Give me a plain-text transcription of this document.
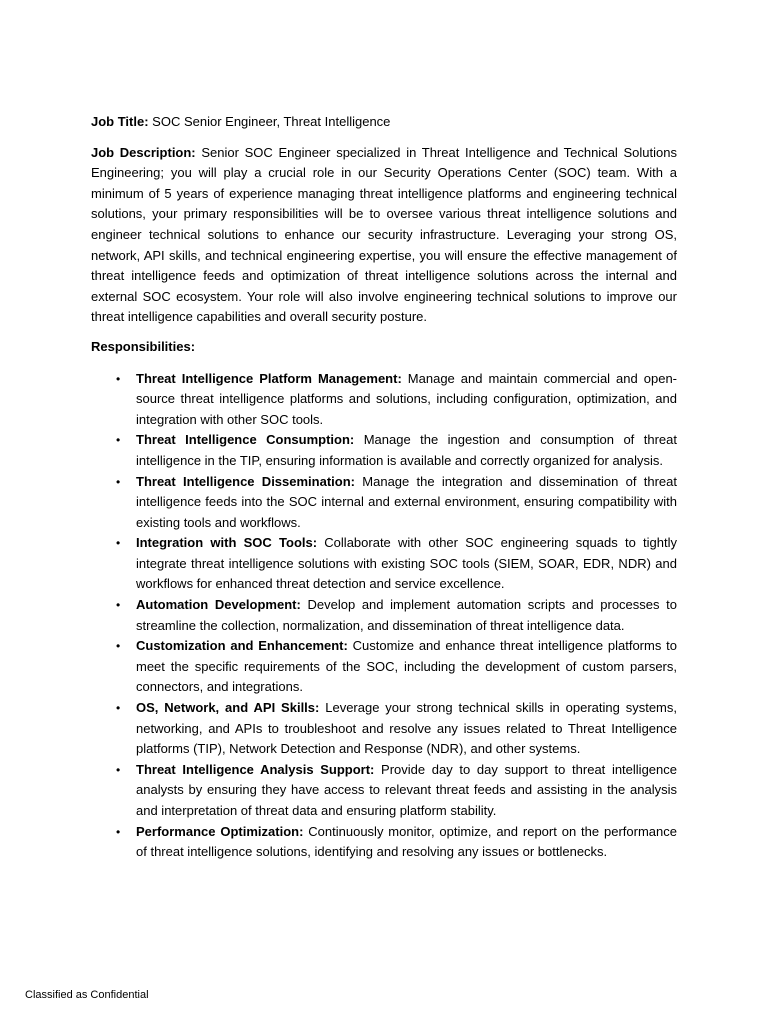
Job Title: SOC Senior Engineer, Threat Intelligence

Job Description: Senior SOC Engineer specialized in Threat Intelligence and Technical Solutions Engineering; you will play a crucial role in our Security Operations Center (SOC) team. With a minimum of 5 years of experience managing threat intelligence platforms and engineering technical solutions, your primary responsibilities will be to oversee various threat intelligence solutions and engineer technical solutions to enhance our security infrastructure. Leveraging your strong OS, network, API skills, and technical engineering expertise, you will ensure the effective management of threat intelligence feeds and optimization of threat intelligence solutions across the internal and external SOC ecosystem. Your role will also involve engineering technical solutions to improve our threat intelligence capabilities and overall security posture.

Responsibilities:

• Threat Intelligence Platform Management: Manage and maintain commercial and open-source threat intelligence platforms and solutions, including configuration, optimization, and integration with other SOC tools.
• Threat Intelligence Consumption: Manage the ingestion and consumption of threat intelligence in the TIP, ensuring information is available and correctly organized for analysis.
• Threat Intelligence Dissemination: Manage the integration and dissemination of threat intelligence feeds into the SOC internal and external environment, ensuring compatibility with existing tools and workflows.
• Integration with SOC Tools: Collaborate with other SOC engineering squads to tightly integrate threat intelligence solutions with existing SOC tools (SIEM, SOAR, EDR, NDR) and workflows for enhanced threat detection and service excellence.
• Automation Development: Develop and implement automation scripts and processes to streamline the collection, normalization, and dissemination of threat intelligence data.
• Customization and Enhancement: Customize and enhance threat intelligence platforms to meet the specific requirements of the SOC, including the development of custom parsers, connectors, and integrations.
• OS, Network, and API Skills: Leverage your strong technical skills in operating systems, networking, and APIs to troubleshoot and resolve any issues related to Threat Intelligence platforms (TIP), Network Detection and Response (NDR), and other systems.
• Threat Intelligence Analysis Support: Provide day to day support to threat intelligence analysts by ensuring they have access to relevant threat feeds and assisting in the analysis and interpretation of threat data and ensuring platform stability.
• Performance Optimization: Continuously monitor, optimize, and report on the performance of threat intelligence solutions, identifying and resolving any issues or bottlenecks.
Classified as Confidential
